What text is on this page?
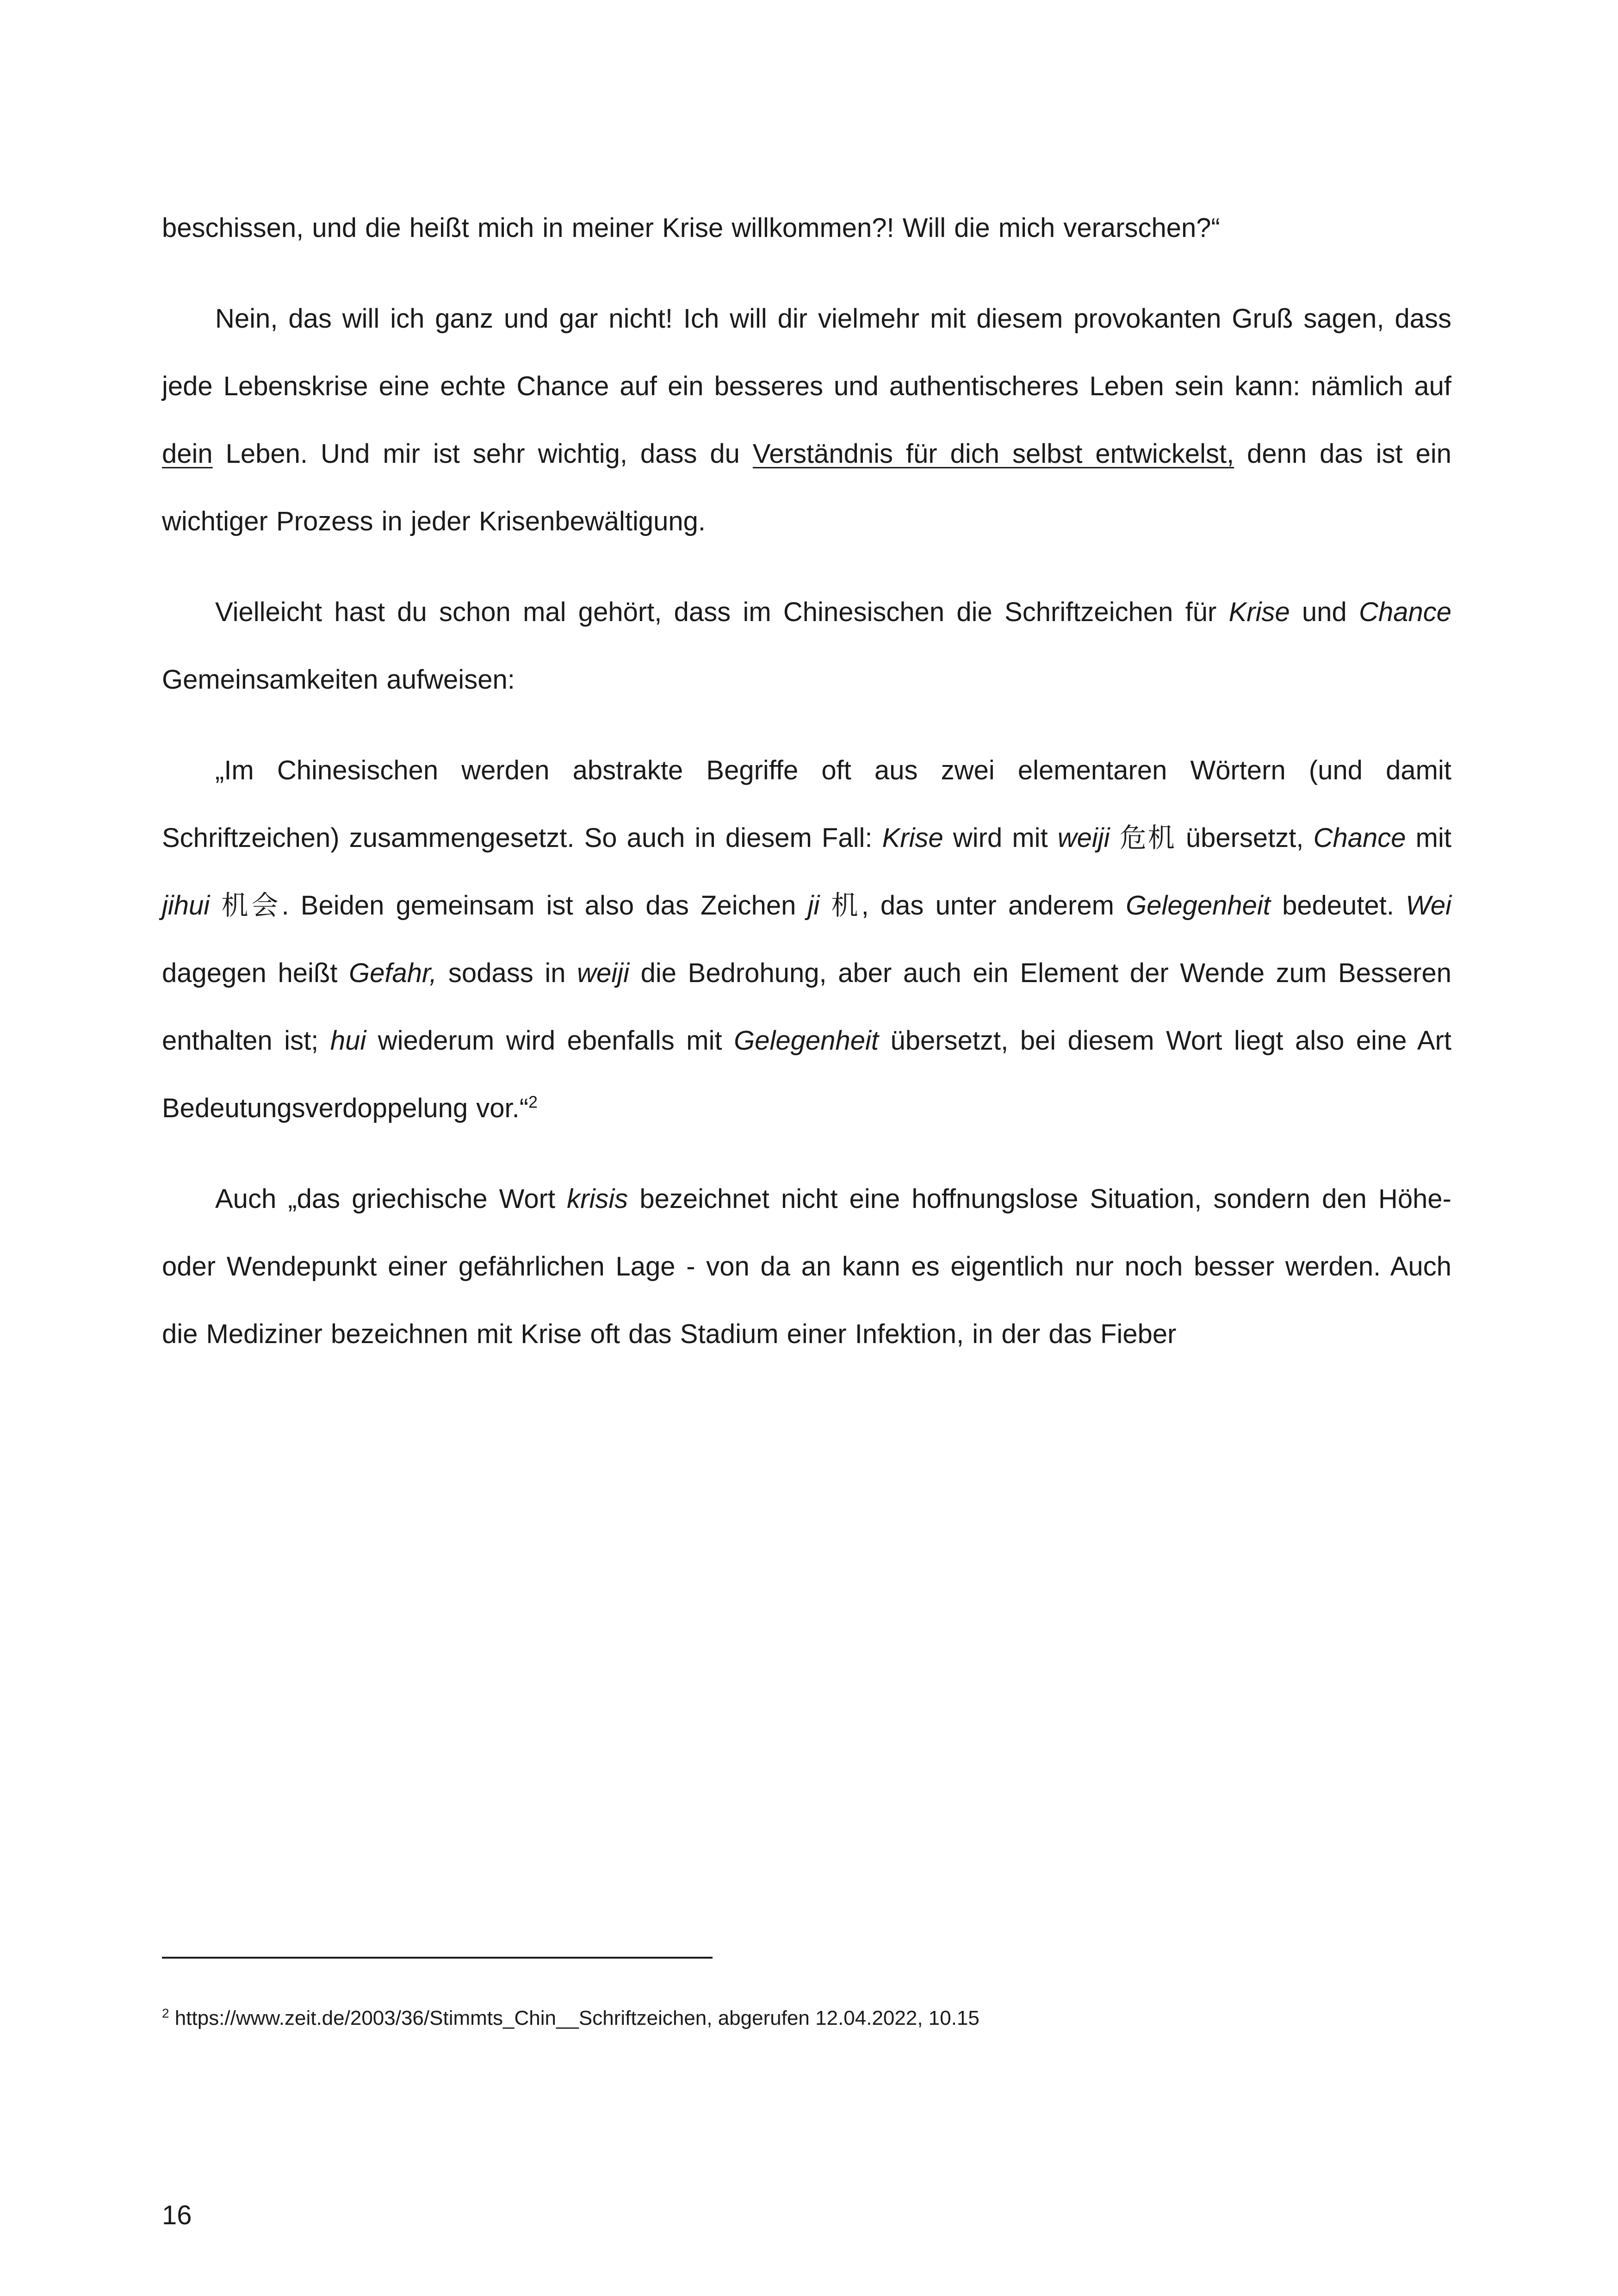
beschissen, und die heißt mich in meiner Krise willkommen?! Will die mich verarschen?“

Nein, das will ich ganz und gar nicht! Ich will dir vielmehr mit diesem provokanten Gruß sagen, dass jede Lebenskrise eine echte Chance auf ein besseres und authentischeres Leben sein kann: nämlich auf dein Leben. Und mir ist sehr wichtig, dass du Verständnis für dich selbst entwickelst, denn das ist ein wichtiger Prozess in jeder Krisenbewältigung.

Vielleicht hast du schon mal gehört, dass im Chinesischen die Schriftzeichen für Krise und Chance Gemeinsamkeiten aufweisen:

„Im Chinesischen werden abstrakte Begriffe oft aus zwei elementaren Wörtern (und damit Schriftzeichen) zusammengesetzt. So auch in diesem Fall: Krise wird mit weiji 危机 übersetzt, Chance mit jihui 机会. Beiden gemeinsam ist also das Zeichen ji 机, das unter anderem Gelegenheit bedeutet. Wei dagegen heißt Gefahr, sodass in weiji die Bedrohung, aber auch ein Element der Wende zum Besseren enthalten ist; hui wiederum wird ebenfalls mit Gelegenheit übersetzt, bei diesem Wort liegt also eine Art Bedeutungsverdoppelung vor.“$^2$

Auch „das griechische Wort krisis bezeichnet nicht eine hoffnungslose Situation, sondern den Höhe- oder Wendepunkt einer gefährlichen Lage - von da an kann es eigentlich nur noch besser werden. Auch die Mediziner bezeichnen mit Krise oft das Stadium einer Infektion, in der das Fieber

$^2$ https://www.zeit.de/2003/36/Stimmts_Chin__Schriftzeichen, abgerufen 12.04.2022, 10.15
16
